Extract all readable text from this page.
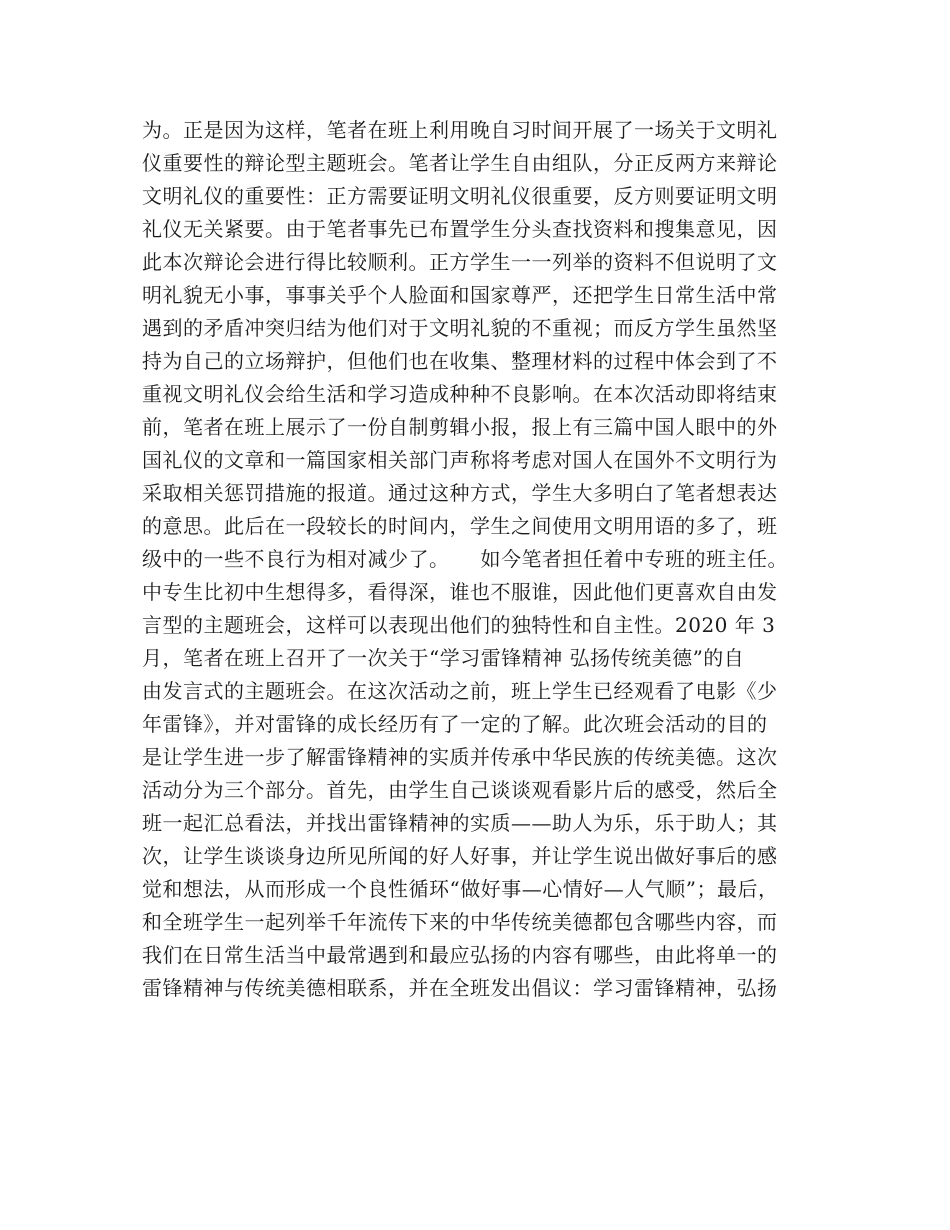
为。正是因为这样，笔者在班上利用晚自习时间开展了一场关于文明礼
仪重要性的辩论型主题班会。笔者让学生自由组队，分正反两方来辩论
文明礼仪的重要性：正方需要证明文明礼仪很重要，反方则要证明文明
礼仪无关紧要。由于笔者事先已布置学生分头查找资料和搜集意见，因
此本次辩论会进行得比较顺利。正方学生一一列举的资料不但说明了文
明礼貌无小事，事事关乎个人脸面和国家尊严，还把学生日常生活中常
遇到的矛盾冲突归结为他们对于文明礼貌的不重视；而反方学生虽然坚
持为自己的立场辩护，但他们也在收集、整理材料的过程中体会到了不
重视文明礼仪会给生活和学习造成种种不良影响。在本次活动即将结束
前，笔者在班上展示了一份自制剪辑小报，报上有三篇中国人眼中的外
国礼仪的文章和一篇国家相关部门声称将考虑对国人在国外不文明行为
采取相关惩罚措施的报道。通过这种方式，学生大多明白了笔者想表达
的意思。此后在一段较长的时间内，学生之间使用文明用语的多了，班
级中的一些不良行为相对减少了。　　如今笔者担任着中专班的班主任。
中专生比初中生想得多，看得深，谁也不服谁，因此他们更喜欢自由发
言型的主题班会，这样可以表现出他们的独特性和自主性。2020 年 3
月，笔者在班上召开了一次关于“学习雷锋精神 弘扬传统美德”的自
由发言式的主题班会。在这次活动之前，班上学生已经观看了电影《少
年雷锋》，并对雷锋的成长经历有了一定的了解。此次班会活动的目的
是让学生进一步了解雷锋精神的实质并传承中华民族的传统美德。这次
活动分为三个部分。首先，由学生自己谈谈观看影片后的感受，然后全
班一起汇总看法，并找出雷锋精神的实质——助人为乐，乐于助人；其
次，让学生谈谈身边所见所闻的好人好事，并让学生说出做好事后的感
觉和想法，从而形成一个良性循环“做好事—心情好—人气顺”；最后，
和全班学生一起列举千年流传下来的中华传统美德都包含哪些内容，而
我们在日常生活当中最常遇到和最应弘扬的内容有哪些，由此将单一的
雷锋精神与传统美德相联系，并在全班发出倡议：学习雷锋精神，弘扬
